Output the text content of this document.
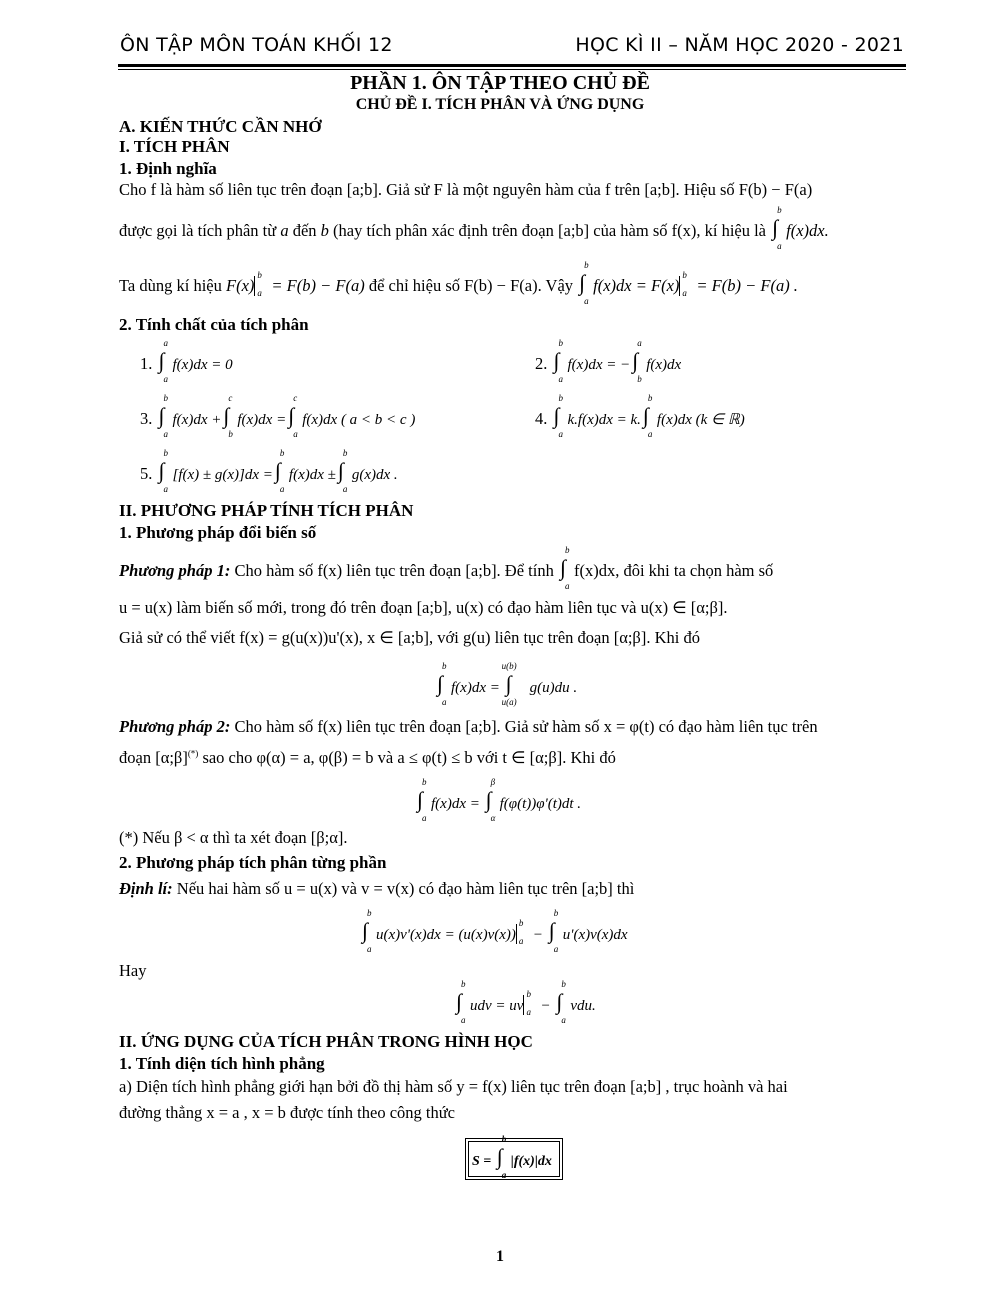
ÔN TẬP MÔN TOÁN KHỐI 12	HỌC KÌ II – NĂM HỌC 2020 - 2021
PHẦN 1. ÔN TẬP THEO CHỦ ĐỀ
CHỦ ĐỀ I. TÍCH PHÂN VÀ ỨNG DỤNG
A. KIẾN THỨC CẦN NHỚ
I. TÍCH PHÂN
1. Định nghĩa
Cho f là hàm số liên tục trên đoạn [a;b]. Giả sử F là một nguyên hàm của f trên [a;b]. Hiệu số F(b) − F(a)
được gọi là tích phân từ a đến b (hay tích phân xác định trên đoạn [a;b] của hàm số f(x), kí hiệu là ∫
b
a
f(x)dx.
Ta dùng kí hiệu F(x)
b
a = F(b) − F(a) để chỉ hiệu số F(b) − F(a). Vậy ∫
b
a
f(x)dx = F(x)
b
a = F(b) − F(a) .
2. Tính chất của tích phân
1. ∫
a
a
f(x)dx = 0	2. ∫
b
a
f(x)dx = − ∫
a
b
f(x)dx
3. ∫
b
a
f(x)dx + ∫
c
b
f(x)dx = ∫
c
a
f(x)dx ( a < b < c )	4. ∫
b
a
k.f(x)dx = k. ∫
b
a
f(x)dx (k ∈ ℝ)
5. ∫
b
a
[f(x) ± g(x)]dx = ∫
b
a
f(x)dx ± ∫
b
a
g(x)dx .
II. PHƯƠNG PHÁP TÍNH TÍCH PHÂN
1. Phương pháp đổi biến số
Phương pháp 1: Cho hàm số f(x) liên tục trên đoạn [a;b]. Để tính ∫
b
a
f(x)dx, đôi khi ta chọn hàm số
u = u(x) làm biến số mới, trong đó trên đoạn [a;b], u(x) có đạo hàm liên tục và u(x) ∈ [α;β].
Giả sử có thể viết f(x) = g(u(x))u'(x), x ∈ [a;b], với g(u) liên tục trên đoạn [α;β]. Khi đó
∫
b
a
f(x)dx = ∫
u(b)
u(a)
g(u)du .
Phương pháp 2: Cho hàm số f(x) liên tục trên đoạn [a;b]. Giả sử hàm số x = φ(t) có đạo hàm liên tục trên
đoạn [α;β](*) sao cho φ(α) = a, φ(β) = b và a ≤ φ(t) ≤ b với t ∈ [α;β]. Khi đó
∫
b
a
f(x)dx = ∫
β
α
f(φ(t))φ'(t)dt .
(*) Nếu β < α thì ta xét đoạn [β;α].
2. Phương pháp tích phân từng phần
Định lí: Nếu hai hàm số u = u(x) và v = v(x) có đạo hàm liên tục trên [a;b] thì
∫
b
a
u(x)v'(x)dx = (u(x)v(x))
b
a − ∫
b
a
u'(x)v(x)dx
Hay
∫
b
a
udv = uv
b
a − ∫
b
a
vdu.
II. ỨNG DỤNG CỦA TÍCH PHÂN TRONG HÌNH HỌC
1. Tính diện tích hình phẳng
a) Diện tích hình phẳng giới hạn bởi đồ thị hàm số y = f(x) liên tục trên đoạn [a;b] , trục hoành và hai
đường thẳng x = a , x = b được tính theo công thức
S = ∫
b
a
|f(x)|dx
1
